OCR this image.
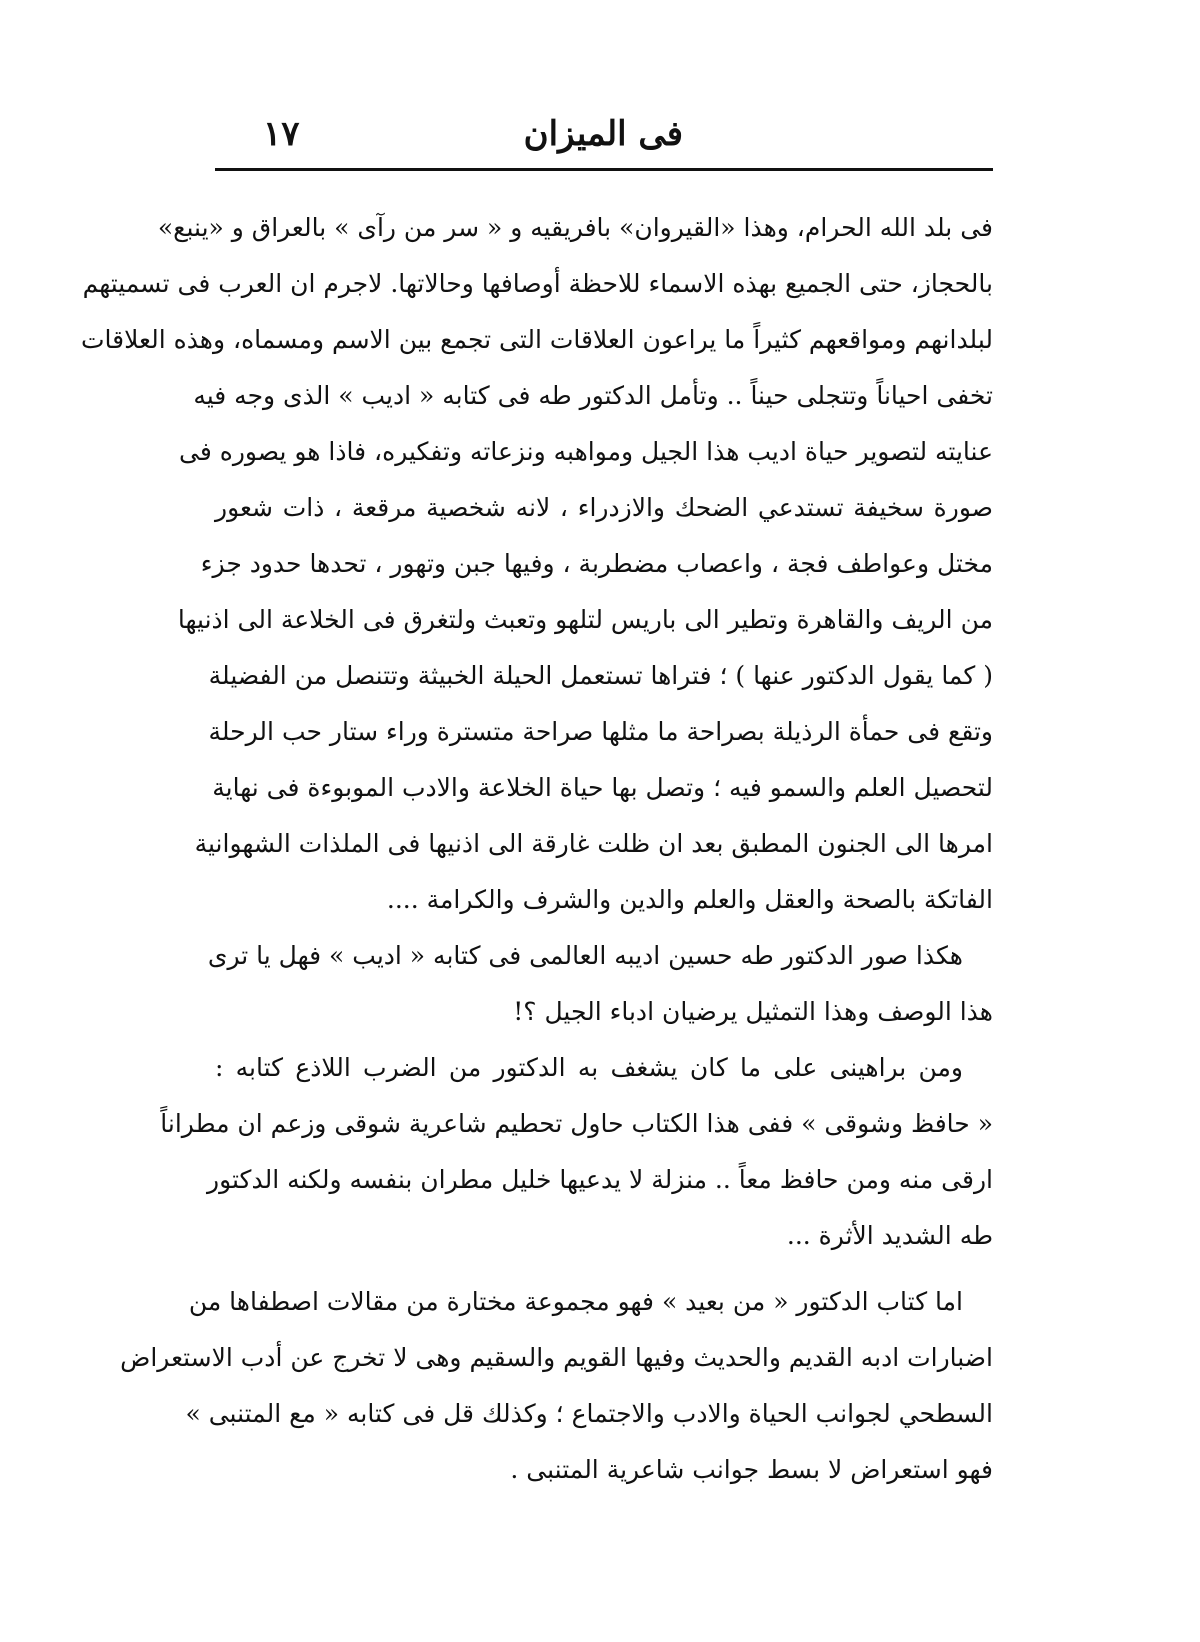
فى الميزان
١٧
فى بلد الله الحرام، وهذا «القيروان» بافريقيه و « سر من رآى » بالعراق و «ينبع»
بالحجاز، حتى الجميع بهذه الاسماء للاحظة أوصافها وحالاتها. لاجرم ان العرب فى تسميتهم
لبلدانهم ومواقعهم كثيراً ما يراعون العلاقات التى تجمع بين الاسم ومسماه، وهذه العلاقات
تخفى احياناً وتتجلى حيناً .. وتأمل الدكتور طه فى كتابه « اديب » الذى وجه فيه
عنايته لتصوير حياة اديب هذا الجيل ومواهبه ونزعاته وتفكيره، فاذا هو يصوره فى
صورة سخيفة تستدعي الضحك والازدراء ، لانه شخصية مرقعة ، ذات شعور
مختل وعواطف فجة ، واعصاب مضطربة ، وفيها جبن وتهور ، تحدها حدود جزء
من الريف والقاهرة وتطير الى باريس لتلهو وتعبث ولتغرق فى الخلاعة الى اذنيها
( كما يقول الدكتور عنها ) ؛ فتراها تستعمل الحيلة الخبيثة وتتنصل من الفضيلة
وتقع فى حمأة الرذيلة بصراحة ما مثلها صراحة متسترة وراء ستار حب الرحلة
لتحصيل العلم والسمو فيه ؛ وتصل بها حياة الخلاعة والادب الموبوءة فى نهاية
امرها الى الجنون المطبق بعد ان ظلت غارقة الى اذنيها فى الملذات الشهوانية
الفاتكة بالصحة والعقل والعلم والدين والشرف والكرامة ....
هكذا صور الدكتور طه حسين اديبه العالمى فى كتابه « اديب » فهل يا ترى
هذا الوصف وهذا التمثيل يرضيان ادباء الجيل ؟!
ومن براهينى على ما كان يشغف به الدكتور من الضرب اللاذع كتابه :
« حافظ وشوقى » ففى هذا الكتاب حاول تحطيم شاعرية شوقى وزعم ان مطراناً
ارقى منه ومن حافظ معاً .. منزلة لا يدعيها خليل مطران بنفسه ولكنه الدكتور
طه الشديد الأثرة ...
اما كتاب الدكتور « من بعيد » فهو مجموعة مختارة من مقالات اصطفاها من
اضبارات ادبه القديم والحديث وفيها القويم والسقيم وهى لا تخرج عن أدب الاستعراض
السطحي لجوانب الحياة والادب والاجتماع ؛ وكذلك قل فى كتابه « مع المتنبى »
فهو استعراض لا بسط جوانب شاعرية المتنبى .
